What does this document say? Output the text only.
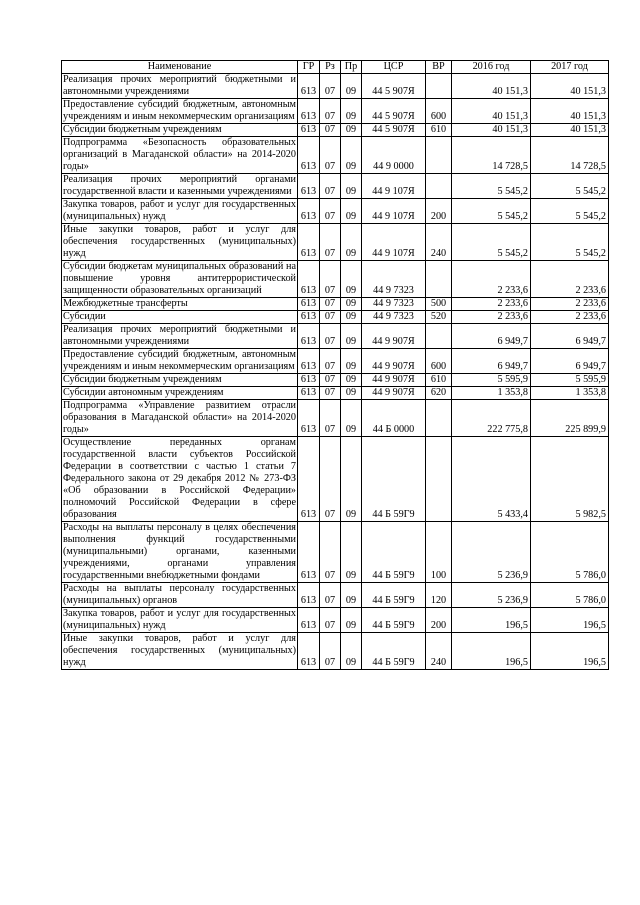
Наименование	ГР	Рз	Пр	ЦСР	ВР	2016 год	2017 год
Реализация прочих мероприятий бюджетными и автономными учреждениями	613	07	09	44 5 907Я		40 151,3	40 151,3
Предоставление субсидий бюджетным, автономным учреждениям и иным некоммерческим организациям	613	07	09	44 5 907Я	600	40 151,3	40 151,3
Субсидии бюджетным учреждениям	613	07	09	44 5 907Я	610	40 151,3	40 151,3
Подпрограмма «Безопасность образовательных организаций в Магаданской области» на 2014-2020 годы»	613	07	09	44 9 0000		14 728,5	14 728,5
Реализация прочих мероприятий органами государственной власти и казенными учреждениями	613	07	09	44 9 107Я		5 545,2	5 545,2
Закупка товаров, работ и услуг для государственных (муниципальных) нужд	613	07	09	44 9 107Я	200	5 545,2	5 545,2
Иные закупки товаров, работ и услуг для обеспечения государственных (муниципальных) нужд	613	07	09	44 9 107Я	240	5 545,2	5 545,2
Субсидии бюджетам муниципальных образований на повышение уровня антитеррористической защищенности образовательных организаций	613	07	09	44 9 7323		2 233,6	2 233,6
Межбюджетные трансферты	613	07	09	44 9 7323	500	2 233,6	2 233,6
Субсидии	613	07	09	44 9 7323	520	2 233,6	2 233,6
Реализация прочих мероприятий бюджетными и автономными учреждениями	613	07	09	44 9 907Я		6 949,7	6 949,7
Предоставление субсидий бюджетным, автономным учреждениям и иным некоммерческим организациям	613	07	09	44 9 907Я	600	6 949,7	6 949,7
Субсидии бюджетным учреждениям	613	07	09	44 9 907Я	610	5 595,9	5 595,9
Субсидии автономным учреждениям	613	07	09	44 9 907Я	620	1 353,8	1 353,8
Подпрограмма «Управление развитием отрасли образования в Магаданской области» на 2014-2020 годы»	613	07	09	44 Б 0000		222 775,8	225 899,9
Осуществление переданных органам государственной власти субъектов Российской Федерации в соответствии с частью 1 статьи 7 Федерального закона от 29 декабря 2012 № 273-ФЗ «Об образовании в Российской Федерации» полномочий Российской Федерации в сфере образования	613	07	09	44 Б 59Г9		5 433,4	5 982,5
Расходы на выплаты персоналу в целях обеспечения выполнения функций государственными (муниципальными) органами, казенными учреждениями, органами управления государственными внебюджетными фондами	613	07	09	44 Б 59Г9	100	5 236,9	5 786,0
Расходы на выплаты персоналу государственных (муниципальных) органов	613	07	09	44 Б 59Г9	120	5 236,9	5 786,0
Закупка товаров, работ и услуг для государственных (муниципальных) нужд	613	07	09	44 Б 59Г9	200	196,5	196,5
Иные закупки товаров, работ и услуг для обеспечения государственных (муниципальных) нужд	613	07	09	44 Б 59Г9	240	196,5	196,5
